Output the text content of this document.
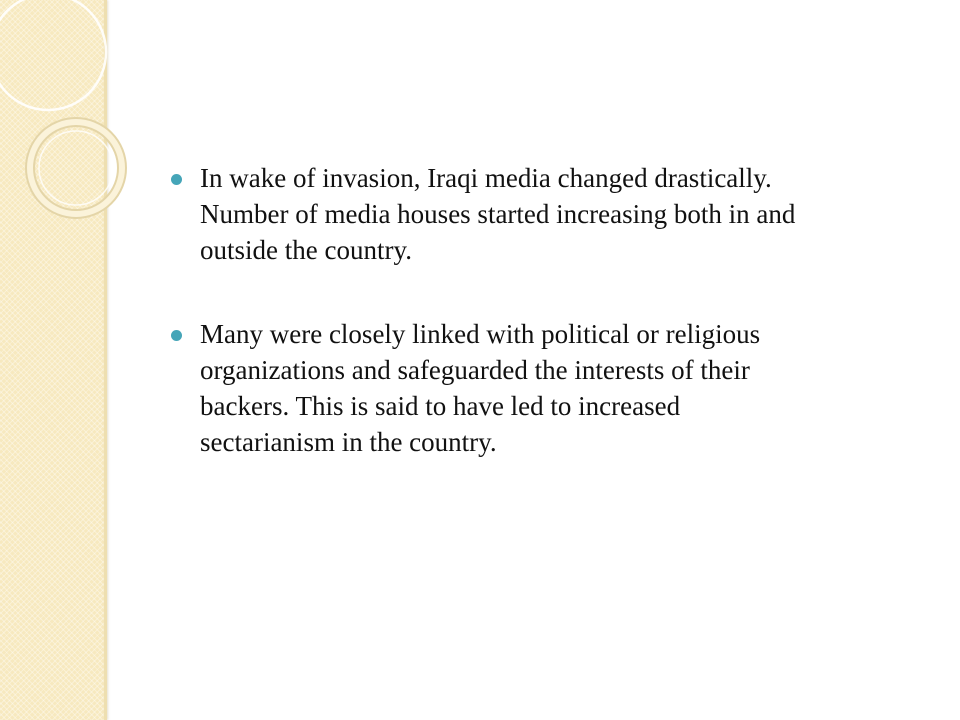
In wake of invasion, Iraqi media changed drastically.
Number of media houses started increasing both in and
outside the country.

Many were closely linked with political or religious
organizations and safeguarded the interests of their
backers. This is said to have led to increased
sectarianism in the country.
